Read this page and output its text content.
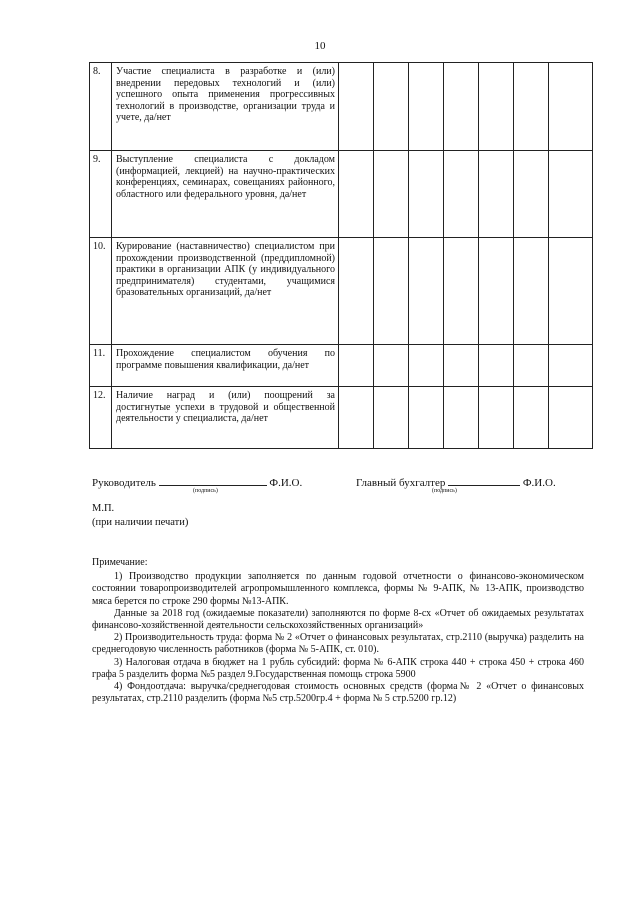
10
8.	Участие специалиста в разработке и (или) внедрении передовых технологий и (или) успешного опыта применения прогрессивных технологий в производстве, организации труда и учете, да/нет							
9.	Выступление специалиста с докладом (информацией, лекцией) на научно-практических конференциях, семинарах, совещаниях районного, областного или федерального уровня, да/нет							
10.	Курирование (наставничество) специалистом при прохождении производственной (преддипломной) практики в организации АПК (у индивидуального предпринимателя) студентами, учащимися бразовательных организаций, да/нет							
11.	Прохождение специалистом обучения по программе повышения квалификации, да/нет							
12.	Наличие наград и (или) поощрений за достигнутые успехи в трудовой и общественной деятельности у специалиста, да/нет							
Руководитель	Ф.И.О.
(подпись)
Главный бухгалтер	Ф.И.О.
(подпись)
М.П.
(при наличии печати)

Примечание:

1) Производство продукции заполняется по данным годовой отчетности о финансово-экономическом состоянии товаропроизводителей агропромышленного комплекса, формы № 9-АПК, № 13-АПК, производство мяса берется по строке 290 формы №13-АПК.

Данные за 2018 год (ожидаемые показатели) заполняются по форме 8-сх «Отчет об ожидаемых результатах финансово-хозяйственной деятельности сельскохозяйственных организаций»

2) Производительность труда: форма № 2 «Отчет о финансовых результатах, стр.2110 (выручка) разделить на среднегодовую численность работников (форма № 5-АПК, ст. 010).

3) Налоговая отдача в бюджет на 1 рубль субсидий: форма № 6-АПК строка 440 + строка 450 + строка 460 графа 5 разделить форма №5 раздел 9.Государственная помощь строка 5900

4) Фондоотдача: выручка/среднегодовая стоимость основных средств (форма№ 2 «Отчет о финансовых результатах, стр.2110 разделить (форма №5 стр.5200гр.4 + форма № 5 стр.5200 гр.12)
